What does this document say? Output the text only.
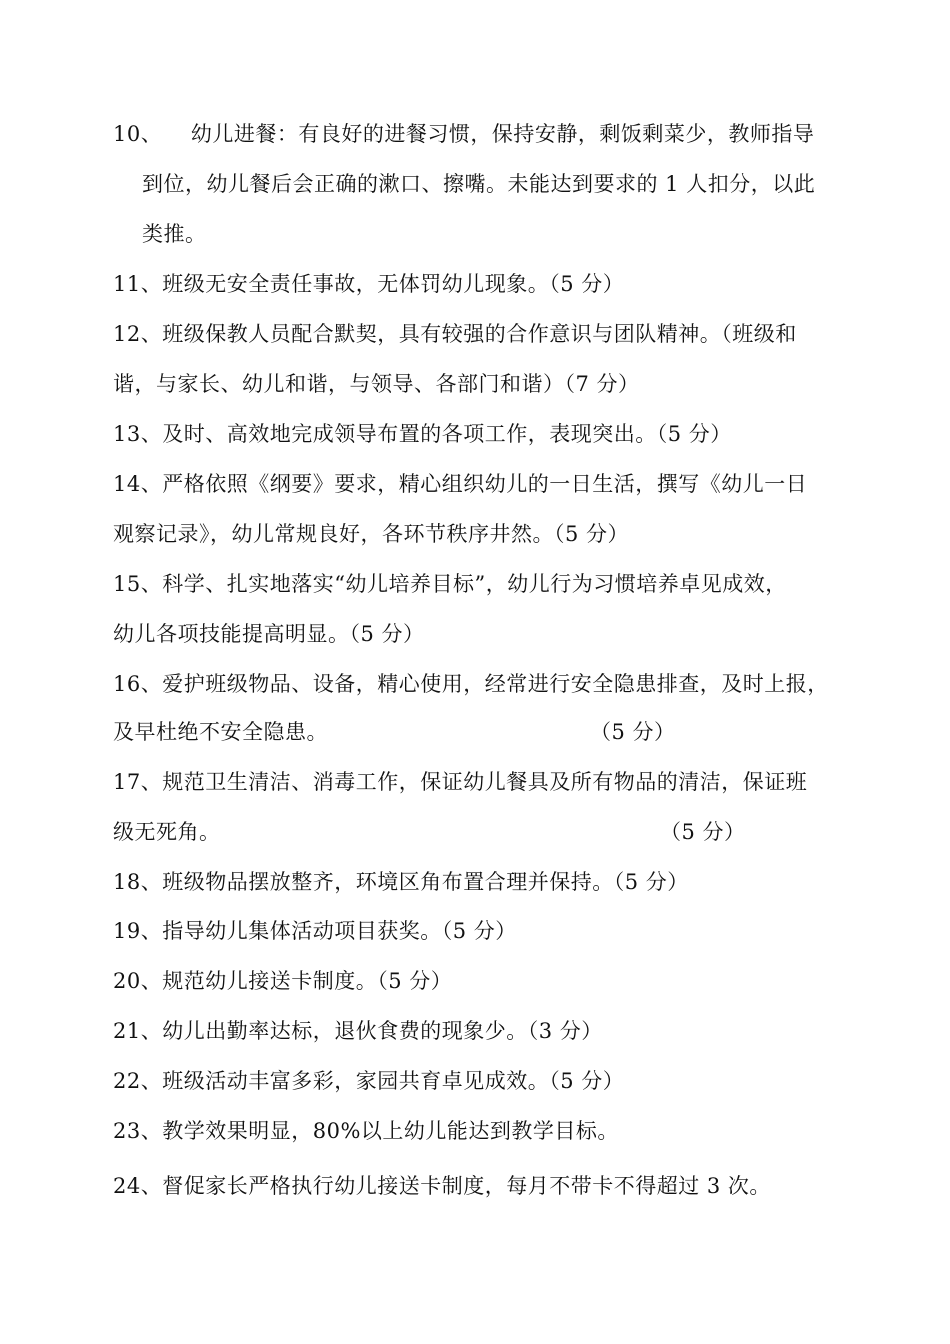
10、    幼儿进餐：有良好的进餐习惯，保持安静，剩饭剩菜少，教师指导
到位，幼儿餐后会正确的漱口、擦嘴。未能达到要求的 1 人扣分，以此
类推。
11、班级无安全责任事故，无体罚幼儿现象。（5 分）
12、班级保教人员配合默契，具有较强的合作意识与团队精神。（班级和
谐，与家长、幼儿和谐，与领导、各部门和谐）（7 分）
13、及时、高效地完成领导布置的各项工作，表现突出。（5 分）
14、严格依照《纲要》要求，精心组织幼儿的一日生活，撰写《幼儿一日
观察记录》，幼儿常规良好，各环节秩序井然。（5 分）
15、科学、扎实地落实“幼儿培养目标”，幼儿行为习惯培养卓见成效，
幼儿各项技能提高明显。（5 分）
16、爱护班级物品、设备，精心使用，经常进行安全隐患排查，及时上报，
及早杜绝不安全隐患。	（5 分）
17、规范卫生清洁、消毒工作，保证幼儿餐具及所有物品的清洁，保证班
级无死角。	（5 分）
18、班级物品摆放整齐，环境区角布置合理并保持。（5 分）
19、指导幼儿集体活动项目获奖。（5 分）
20、规范幼儿接送卡制度。（5 分）
21、幼儿出勤率达标，退伙食费的现象少。（3 分）
22、班级活动丰富多彩，家园共育卓见成效。（5 分）
23、教学效果明显，80%以上幼儿能达到教学目标。
24、督促家长严格执行幼儿接送卡制度，每月不带卡不得超过 3 次。
